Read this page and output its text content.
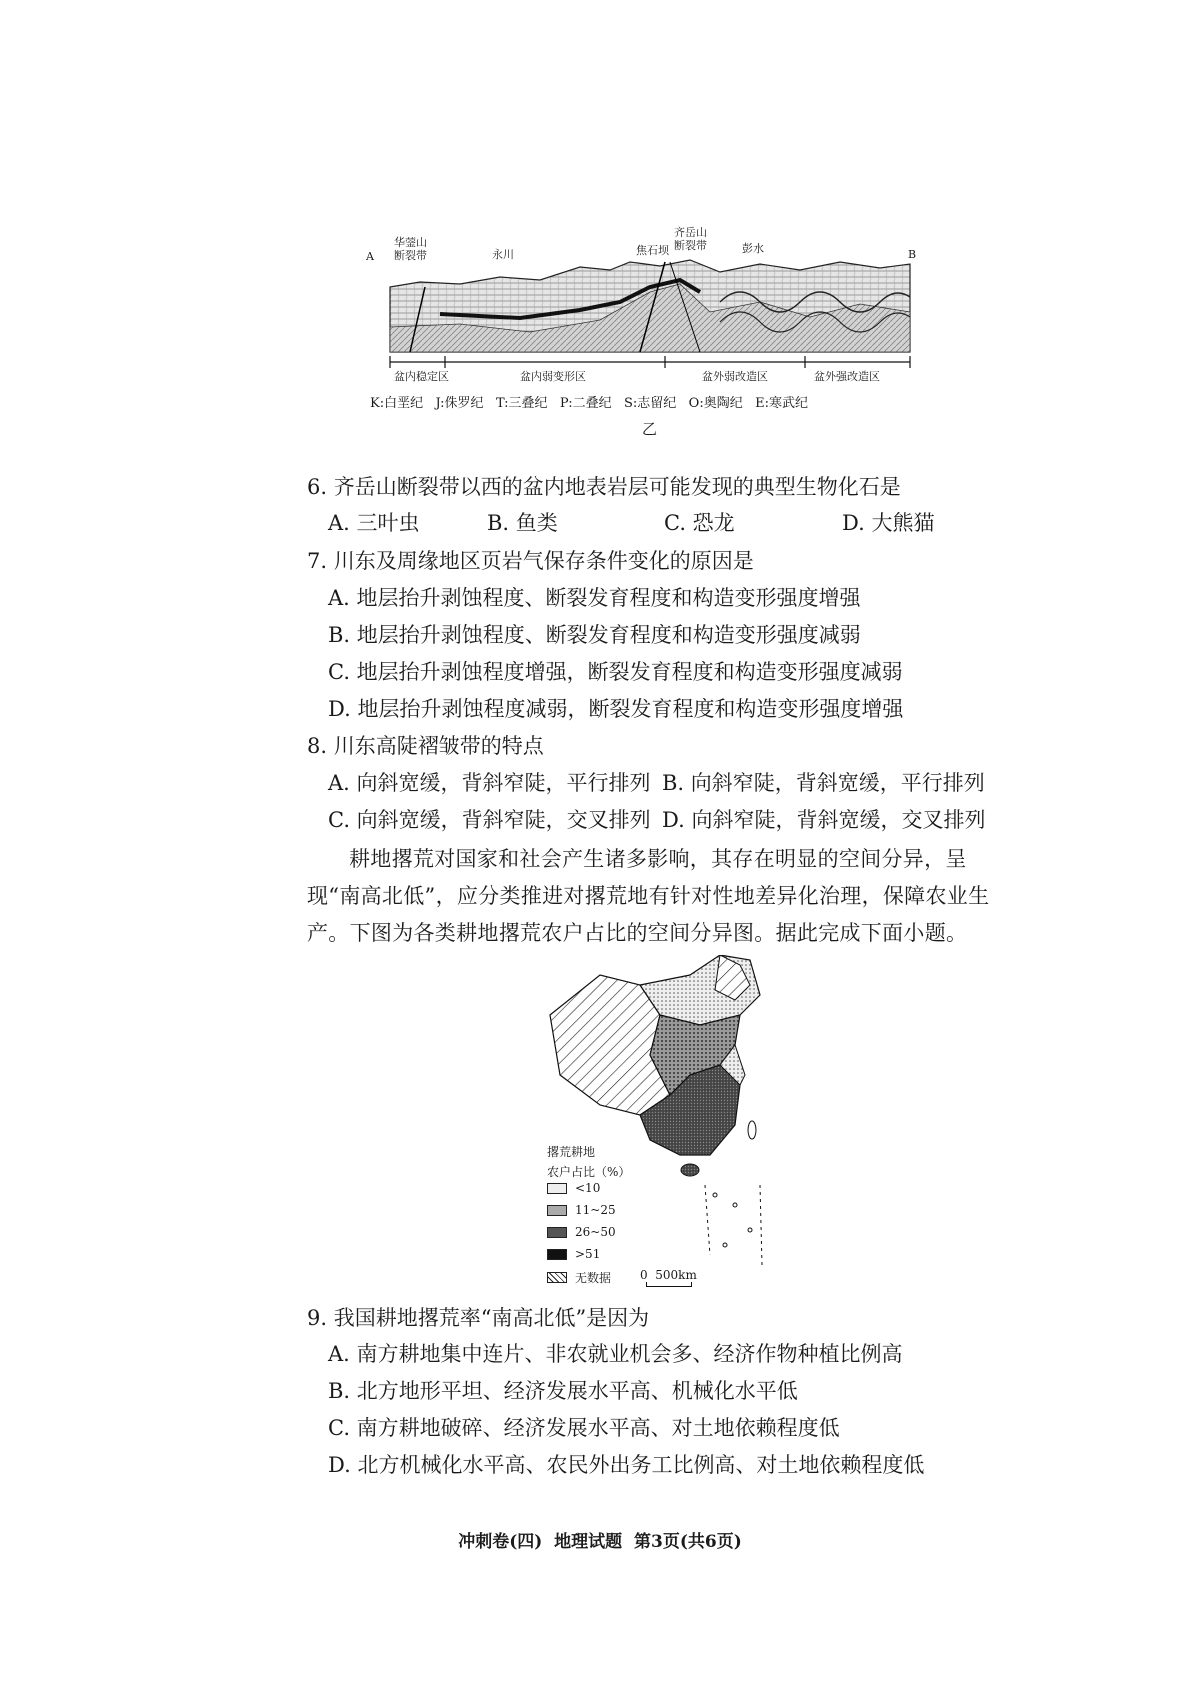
A	B
华蓥山
断裂带	永川	焦石坝
齐岳山
断裂带	彭水
盆内稳定区	盆内弱变形区	盆外弱改造区	盆外强改造区
K:白垩纪   J:侏罗纪   T:三叠纪   P:二叠纪   S:志留纪   O:奥陶纪   E:寒武纪
乙
6. 齐岳山断裂带以西的盆内地表岩层可能发现的典型生物化石是
A. 三叶虫	B. 鱼类	C. 恐龙	D. 大熊猫
7. 川东及周缘地区页岩气保存条件变化的原因是
A. 地层抬升剥蚀程度、断裂发育程度和构造变形强度增强
B. 地层抬升剥蚀程度、断裂发育程度和构造变形强度减弱
C. 地层抬升剥蚀程度增强，断裂发育程度和构造变形强度减弱
D. 地层抬升剥蚀程度减弱，断裂发育程度和构造变形强度增强
8. 川东高陡褶皱带的特点
A. 向斜宽缓，背斜窄陡，平行排列 B. 向斜窄陡，背斜宽缓，平行排列
C. 向斜宽缓，背斜窄陡，交叉排列 D. 向斜窄陡，背斜宽缓，交叉排列
耕地撂荒对国家和社会产生诸多影响，其存在明显的空间分异，呈现“南高北低”，应分类推进对撂荒地有针对性地差异化治理，保障农业生产。下图为各类耕地撂荒农户占比的空间分异图。据此完成下面小题。
撂荒耕地
农户占比（%）
<10
11~25
26~50
>51
无数据 0  500km
9. 我国耕地撂荒率“南高北低”是因为
A. 南方耕地集中连片、非农就业机会多、经济作物种植比例高
B. 北方地形平坦、经济发展水平高、机械化水平低
C. 南方耕地破碎、经济发展水平高、对土地依赖程度低
D. 北方机械化水平高、农民外出务工比例高、对土地依赖程度低
冲刺卷(四)  地理试题  第3页(共6页)
